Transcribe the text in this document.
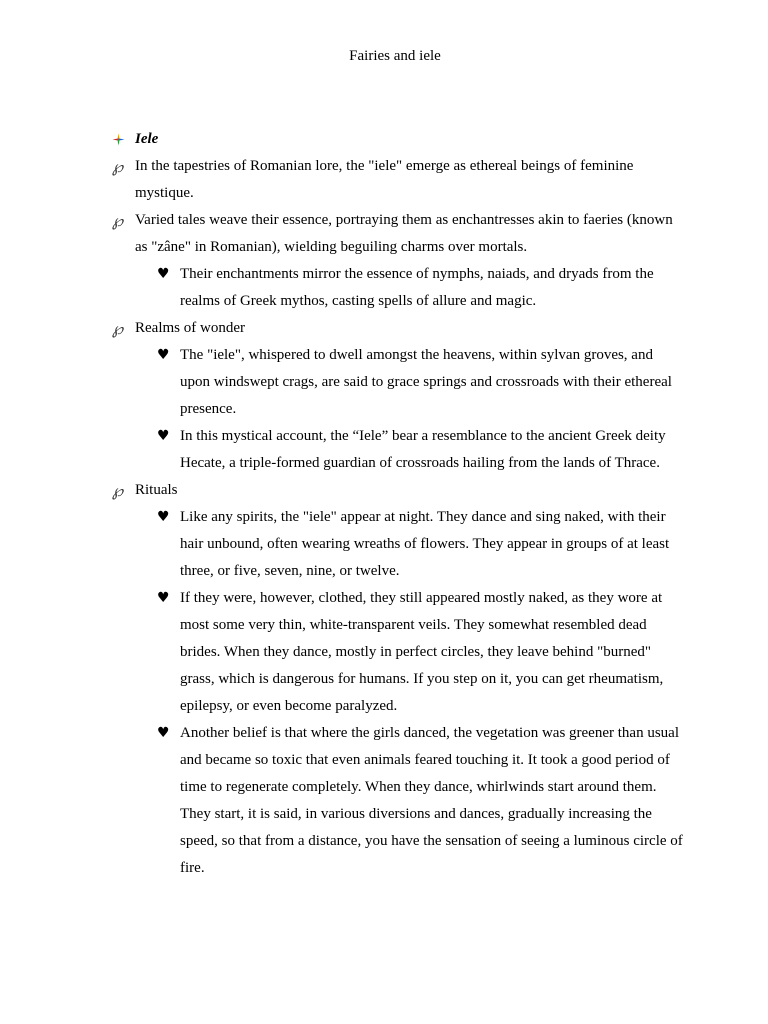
Fairies and iele
Iele
℘ In the tapestries of Romanian lore, the "iele" emerge as ethereal beings of feminine mystique.
℘ Varied tales weave their essence, portraying them as enchantresses akin to faeries (known as "zâne" in Romanian), wielding beguiling charms over mortals.
♥ Their enchantments mirror the essence of nymphs, naiads, and dryads from the realms of Greek mythos, casting spells of allure and magic.
℘ Realms of wonder
♥ The "iele", whispered to dwell amongst the heavens, within sylvan groves, and upon windswept crags, are said to grace springs and crossroads with their ethereal presence.
♥ In this mystical account, the “Iele” bear a resemblance to the ancient Greek deity Hecate, a triple-formed guardian of crossroads hailing from the lands of Thrace.
℘ Rituals
♥ Like any spirits, the "iele" appear at night. They dance and sing naked, with their hair unbound, often wearing wreaths of flowers. They appear in groups of at least three, or five, seven, nine, or twelve.
♥ If they were, however, clothed, they still appeared mostly naked, as they wore at most some very thin, white-transparent veils. They somewhat resembled dead brides. When they dance, mostly in perfect circles, they leave behind "burned" grass, which is dangerous for humans. If you step on it, you can get rheumatism, epilepsy, or even become paralyzed.
♥ Another belief is that where the girls danced, the vegetation was greener than usual and became so toxic that even animals feared touching it. It took a good period of time to regenerate completely. When they dance, whirlwinds start around them. They start, it is said, in various diversions and dances, gradually increasing the speed, so that from a distance, you have the sensation of seeing a luminous circle of fire.
